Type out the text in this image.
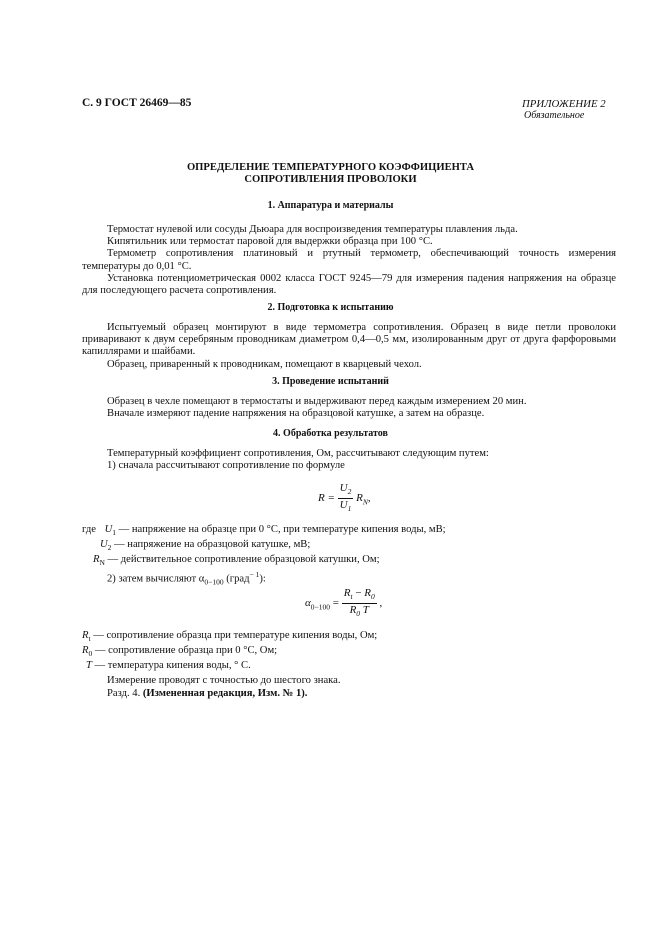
С. 9 ГОСТ 26469—85	ПРИЛОЖЕНИЕ 2
Обязательное
ОПРЕДЕЛЕНИЕ ТЕМПЕРАТУРНОГО КОЭФФИЦИЕНТА
СОПРОТИВЛЕНИЯ ПРОВОЛОКИ
1. Аппаратура и материалы

Термостат нулевой или сосуды Дьюара для воспроизведения температуры плавления льда.

Кипятильник или термостат паровой для выдержки образца при 100 °С.

Термометр сопротивления платиновый и ртутный термометр, обеспечивающий точность измерения температуры до 0,01 °С.

Установка потенциометрическая 0002 класса ГОСТ 9245—79 для измерения падения напряжения на образце для последующего расчета сопротивления.

2. Подготовка к испытанию

Испытуемый образец монтируют в виде термометра сопротивления. Образец в виде петли проволоки приваривают к двум серебряным проводникам диаметром 0,4—0,5 мм, изолированным друг от друга фарфоровыми капиллярами и шайбами.

Образец, приваренный к проводникам, помещают в кварцевый чехол.

3. Проведение испытаний

Образец в чехле помещают в термостаты и выдерживают перед каждым измерением 20 мин.

Вначале измеряют падение напряжения на образцовой катушке, а затем на образце.

4. Обработка результатов

Температурный коэффициент сопротивления, Ом, рассчитывают следующим путем:

1) сначала рассчитывают сопротивление по формуле

$R = \frac{U_2}{U_1} R_N$,
где $U_1$ — напряжение на образце при 0 °С, при температуре кипения воды, мВ;
$U_2$ — напряжение на образцовой катушке, мВ;
$R_N$ — действительное сопротивление образцовой катушки, Ом;
2) затем вычисляют $\alpha_{0-100}$ (град$^{- 1}$):
$\alpha_{0-100} = \frac{R_t - R_0}{R_0 T}$ ,
$R_t$ — сопротивление образца при температуре кипения воды, Ом;
$R_0$ — сопротивление образца при 0 °С, Ом;
T — температура кипения воды, ° С.
Измерение проводят с точностью до шестого знака.
Разд. 4. (Измененная редакция, Изм. № 1).
